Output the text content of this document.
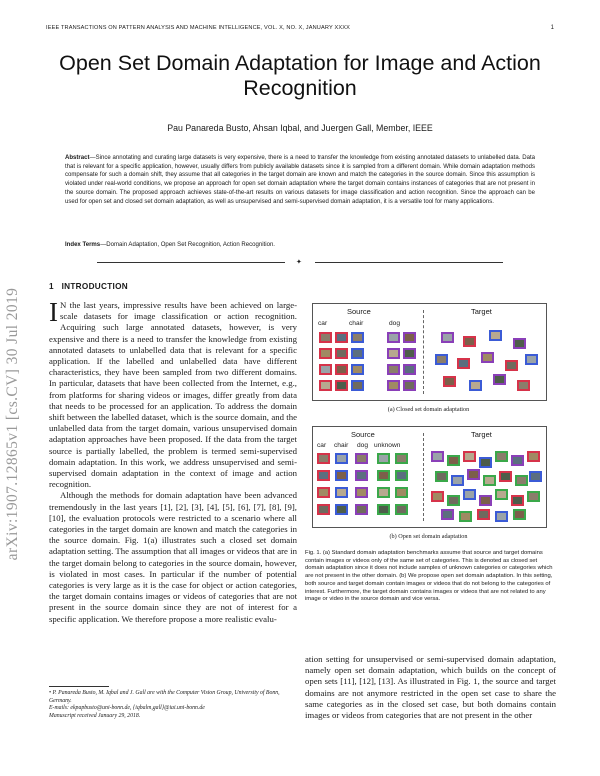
IEEE TRANSACTIONS ON PATTERN ANALYSIS AND MACHINE INTELLIGENCE, VOL. X, NO. X, JANUARY XXXX	1
arXiv:1907.12865v1 [cs.CV] 30 Jul 2019
Open Set Domain Adaptation for Image and Action Recognition
Pau Panareda Busto, Ahsan Iqbal, and Juergen Gall, Member, IEEE
Abstract—Since annotating and curating large datasets is very expensive, there is a need to transfer the knowledge from existing annotated datasets to unlabelled data. Data that is relevant for a specific application, however, usually differs from publicly available datasets since it is sampled from a different domain. While domain adaptation methods compensate for such a domain shift, they assume that all categories in the target domain are known and match the categories in the source domain. Since this assumption is violated under real-world conditions, we propose an approach for open set domain adaptation where the target domain contains instances of categories that are not present in the source domain. The proposed approach achieves state-of-the-art results on various datasets for image classification and action recognition. Since the approach can be used for open set and closed set domain adaptation, as well as unsupervised and semi-supervised domain adaptation, it is a versatile tool for many applications.
Index Terms—Domain Adaptation, Open Set Recognition, Action Recognition.
✦
1 INTRODUCTION

I N the last years, impressive results have been achieved on large-scale datasets for image classification or action recognition. Acquiring such large annotated datasets, however, is very expensive and there is a need to transfer the knowledge from existing annotated datasets to unlabelled data that is relevant for a specific application. If the labelled and unlabelled data have different characteristics, they have been sampled from two different domains. In particular, datasets that have been collected from the Internet, e.g., from platforms for sharing videos or images, differ greatly from data that needs to be processed for an application. To address the domain shift between the labelled dataset, which is the source domain, and the unlabelled data from the target domain, various unsupervised domain adaptation approaches have been proposed. If the data from the target source is partially labelled, the problem is termed semi-supervised domain adaptation. In this work, we address unsupervised and semi-supervised domain adaptation in the context of image and action recognition.

Although the methods for domain adaptation have been advanced tremendously in the last years [1], [2], [3], [4], [5], [6], [7], [8], [9], [10], the evaluation protocols were restricted to a scenario where all categories in the target domain are known and match the categories in the source domain. Fig. 1(a) illustrates such a closed set domain adaptation setting. The assumption that all images or videos that are in the target domain belong to categories in the source domain, however, is violated in most cases. In particular if the number of potential categories is very large as it is the case for object or action categories, the target domain contains images or videos of categories that are not present in the source domain since they are not of interest for a specific application. We therefore propose a more realistic evalu-

• P. Panareda Busto, M. Iqbal and J. Gall are with the Computer Vision Group, University of Bonn, Germany.

E-mails: ekpapbusto@uni-bonn.de, {iqbalm,gall}@iai.uni-bonn.de

Manuscript received January 29, 2018.

Source	Target
car	chair	dog
(a) Closed set domain adaptation
Source	Target
car chair dog unknown
(b) Open set domain adaptation
Fig. 1. (a) Standard domain adaptation benchmarks assume that source and target domains contain images or videos only of the same set of categories. This is denoted as closed set domain adaptation since it does not include samples of unknown categories or categories which are not present in the other domain. (b) We propose open set domain adaptation. In this setting, both source and target domain contain images or videos that do not belong to the categories of interest. Furthermore, the target domain contains images or videos that are not related to any image or video in the source domain and vice versa.

ation setting for unsupervised or semi-supervised domain adaptation, namely open set domain adaptation, which builds on the concept of open sets [11], [12], [13]. As illustrated in Fig. 1, the source and target domains are not anymore restricted in the open set case to share the same categories as in the closed set case, but both domains contain images or videos from categories that are not present in the other
